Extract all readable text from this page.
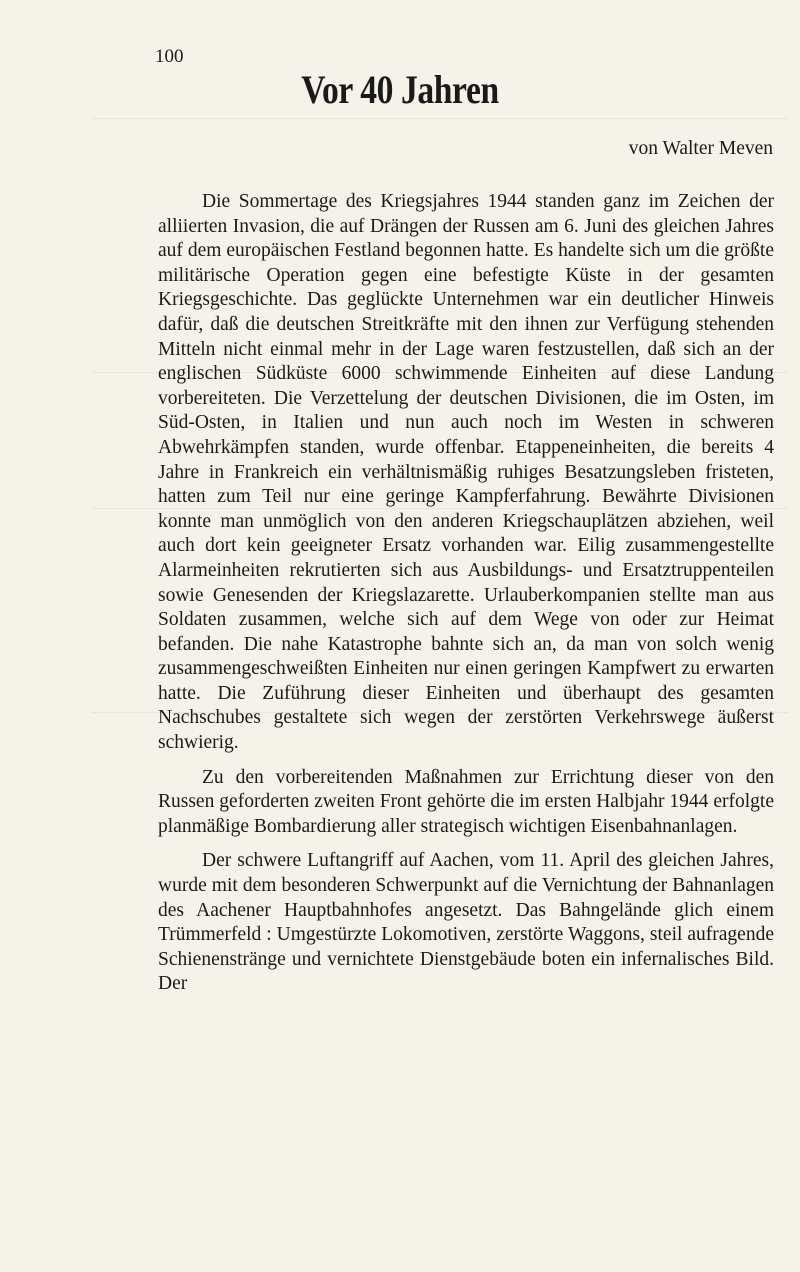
100
Vor 40 Jahren
von Walter Meven

Die Sommertage des Kriegsjahres 1944 standen ganz im Zeichen der alliierten Invasion, die auf Drängen der Russen am 6. Juni des gleichen Jahres auf dem europäischen Festland begonnen hatte. Es handelte sich um die größte militärische Operation gegen eine befestigte Küste in der gesamten Kriegsgeschichte. Das geglückte Unternehmen war ein deutlicher Hinweis dafür, daß die deutschen Streitkräfte mit den ihnen zur Verfügung stehenden Mitteln nicht einmal mehr in der Lage waren festzustellen, daß sich an der englischen Südküste 6000 schwimmende Einheiten auf diese Landung vorbereiteten. Die Verzettelung der deutschen Divisionen, die im Osten, im Süd-Osten, in Italien und nun auch noch im Westen in schweren Abwehrkämpfen standen, wurde offenbar. Etappeneinheiten, die bereits 4 Jahre in Frankreich ein verhältnismäßig ruhiges Besatzungsleben fristeten, hatten zum Teil nur eine geringe Kampferfahrung. Bewährte Divisionen konnte man unmöglich von den anderen Kriegschauplätzen abziehen, weil auch dort kein geeigneter Ersatz vorhanden war. Eilig zusammengestellte Alarmeinheiten rekrutierten sich aus Ausbildungs- und Ersatztruppenteilen sowie Genesenden der Kriegslazarette. Urlauberkompanien stellte man aus Soldaten zusammen, welche sich auf dem Wege von oder zur Heimat befanden. Die nahe Katastrophe bahnte sich an, da man von solch wenig zusammengeschweißten Einheiten nur einen geringen Kampfwert zu erwarten hatte. Die Zuführung dieser Einheiten und überhaupt des gesamten Nachschubes gestaltete sich wegen der zerstörten Verkehrswege äußerst schwierig.

Zu den vorbereitenden Maßnahmen zur Errichtung dieser von den Russen geforderten zweiten Front gehörte die im ersten Halbjahr 1944 erfolgte planmäßige Bombardierung aller strategisch wichtigen Eisenbahnanlagen.

Der schwere Luftangriff auf Aachen, vom 11. April des gleichen Jahres, wurde mit dem besonderen Schwerpunkt auf die Vernichtung der Bahnanlagen des Aachener Hauptbahnhofes angesetzt. Das Bahngelände glich einem Trümmerfeld : Umgestürzte Lokomotiven, zerstörte Waggons, steil aufragende Schienenstränge und vernichtete Dienstgebäude boten ein infernalisches Bild. Der
